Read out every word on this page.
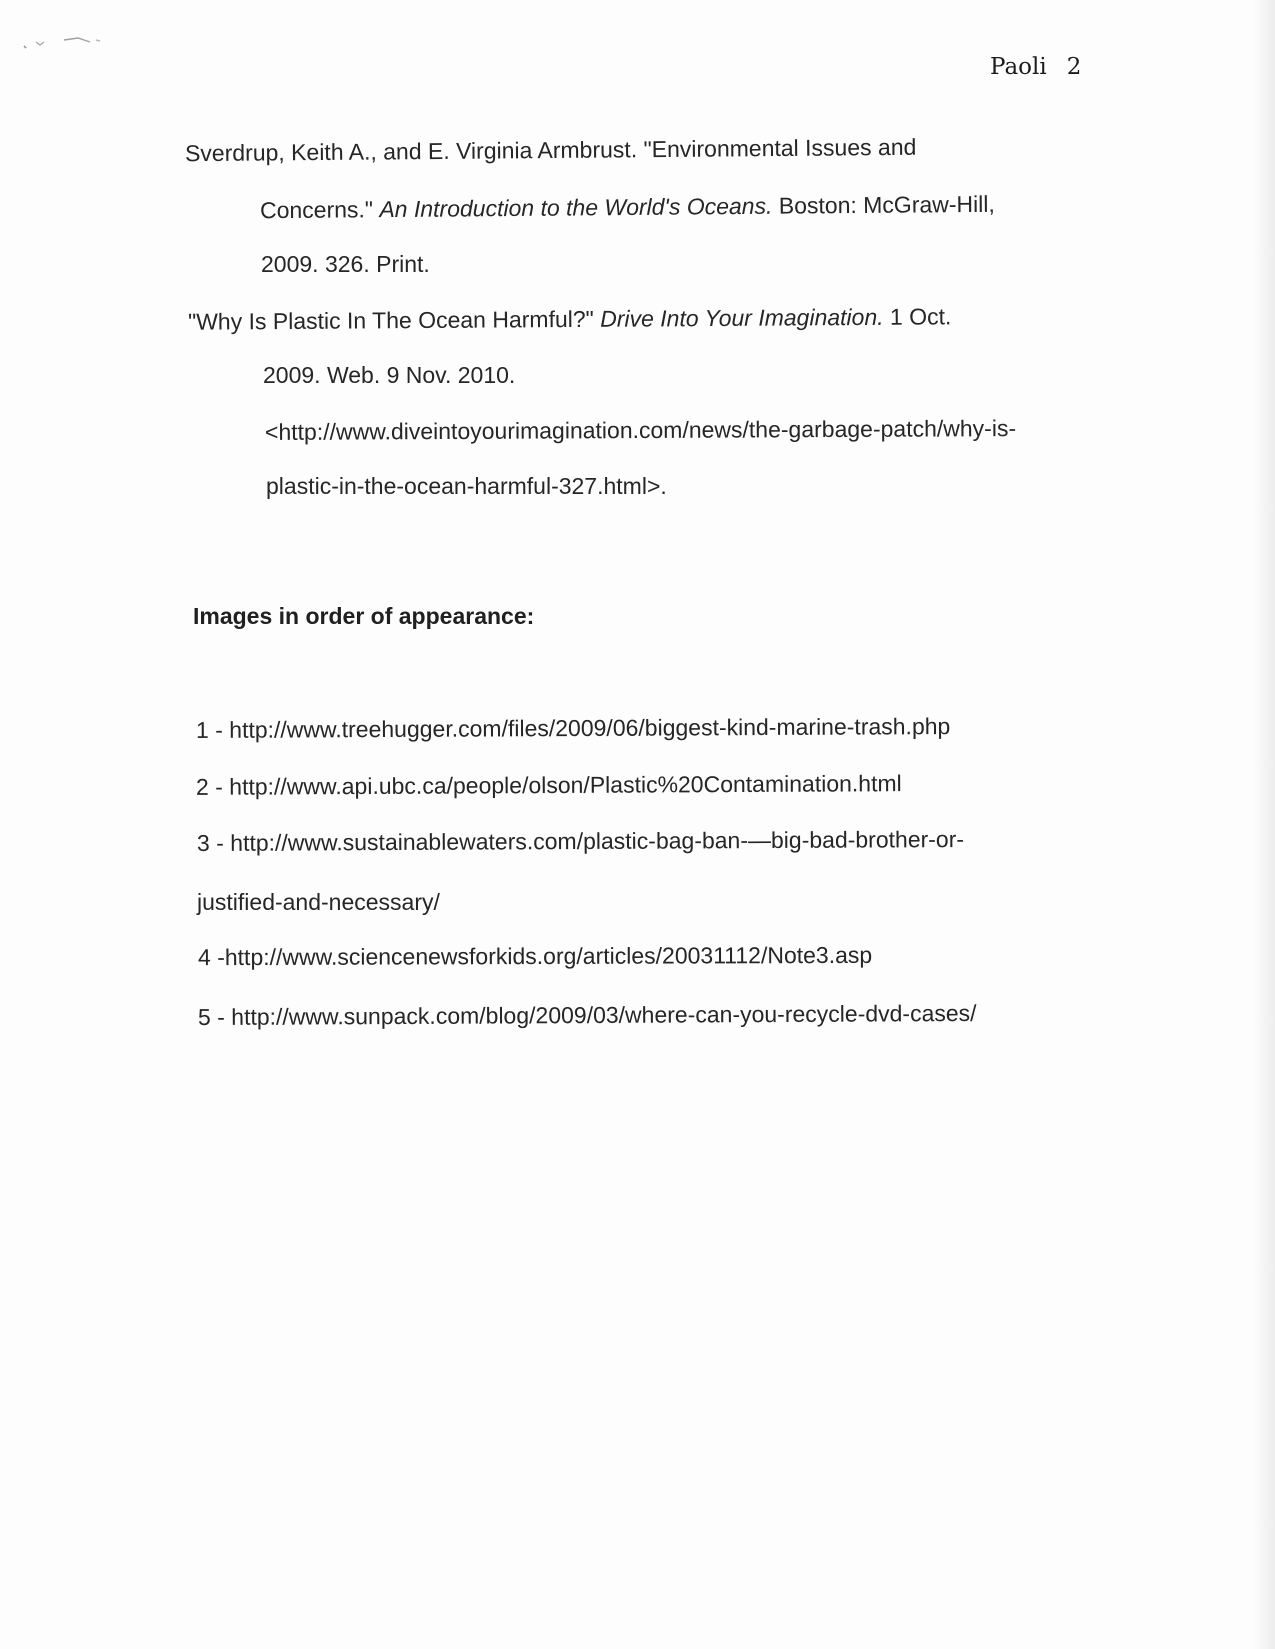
Paoli 2
Sverdrup, Keith A., and E. Virginia Armbrust. "Environmental Issues and
Concerns." An Introduction to the World's Oceans. Boston: McGraw-Hill,
2009. 326. Print.
"Why Is Plastic In The Ocean Harmful?" Drive Into Your Imagination. 1 Oct.
2009. Web. 9 Nov. 2010.
<http://www.diveintoyourimagination.com/news/the-garbage-patch/why-is-
plastic-in-the-ocean-harmful-327.html>.
Images in order of appearance:
1 - http://www.treehugger.com/files/2009/06/biggest-kind-marine-trash.php
2 - http://www.api.ubc.ca/people/olson/Plastic%20Contamination.html
3 - http://www.sustainablewaters.com/plastic-bag-ban-—big-bad-brother-or-
justified-and-necessary/
4 -http://www.sciencenewsforkids.org/articles/20031112/Note3.asp
5 - http://www.sunpack.com/blog/2009/03/where-can-you-recycle-dvd-cases/
